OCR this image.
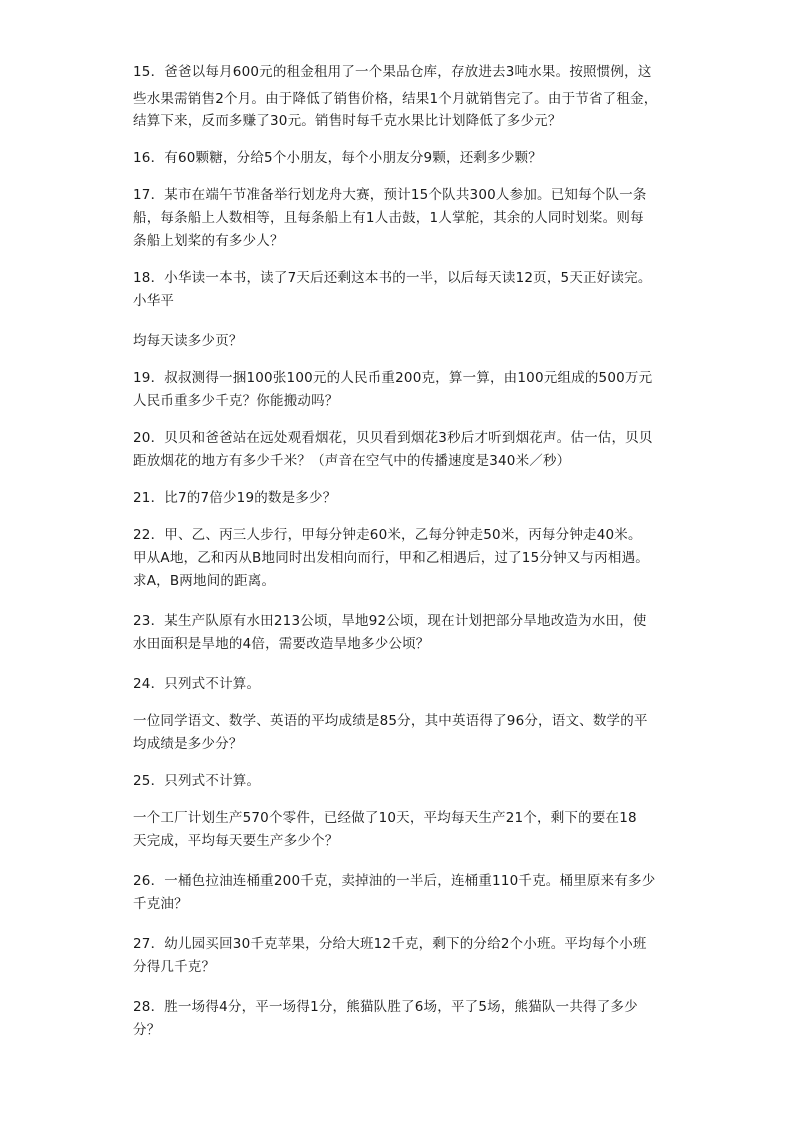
15．爸爸以每月600元的租金租用了一个果品仓库，存放进去3吨水果。按照惯例，这
些水果需销售2个月。由于降低了销售价格，结果1个月就销售完了。由于节省了租金，
结算下来，反而多赚了30元。销售时每千克水果比计划降低了多少元？
16．有60颗糖，分给5个小朋友，每个小朋友分9颗，还剩多少颗？
17．某市在端午节准备举行划龙舟大赛，预计15个队共300人参加。已知每个队一条
船，每条船上人数相等，且每条船上有1人击鼓，1人掌舵，其余的人同时划桨。则每
条船上划桨的有多少人？
18．小华读一本书，读了7天后还剩这本书的一半，以后每天读12页，5天正好读完。
小华平
均每天读多少页？
19．叔叔测得一捆100张100元的人民币重200克，算一算，由100元组成的500万元
人民币重多少千克？你能搬动吗？
20．贝贝和爸爸站在远处观看烟花，贝贝看到烟花3秒后才听到烟花声。估一估，贝贝
距放烟花的地方有多少千米？（声音在空气中的传播速度是340米／秒）
21．比7的7倍少19的数是多少？
22．甲、乙、丙三人步行，甲每分钟走60米，乙每分钟走50米，丙每分钟走40米。
甲从A地，乙和丙从B地同时出发相向而行，甲和乙相遇后，过了15分钟又与丙相遇。
求A，B两地间的距离。
23．某生产队原有水田213公顷，旱地92公顷，现在计划把部分旱地改造为水田，使
水田面积是旱地的4倍，需要改造旱地多少公顷？
24．只列式不计算。
一位同学语文、数学、英语的平均成绩是85分，其中英语得了96分，语文、数学的平
均成绩是多少分？
25．只列式不计算。
一个工厂计划生产570个零件，已经做了10天，平均每天生产21个，剩下的要在18
天完成，平均每天要生产多少个？
26．一桶色拉油连桶重200千克，卖掉油的一半后，连桶重110千克。桶里原来有多少
千克油？
27．幼儿园买回30千克苹果，分给大班12千克，剩下的分给2个小班。平均每个小班
分得几千克？
28．胜一场得4分，平一场得1分，熊猫队胜了6场，平了5场，熊猫队一共得了多少
分？
